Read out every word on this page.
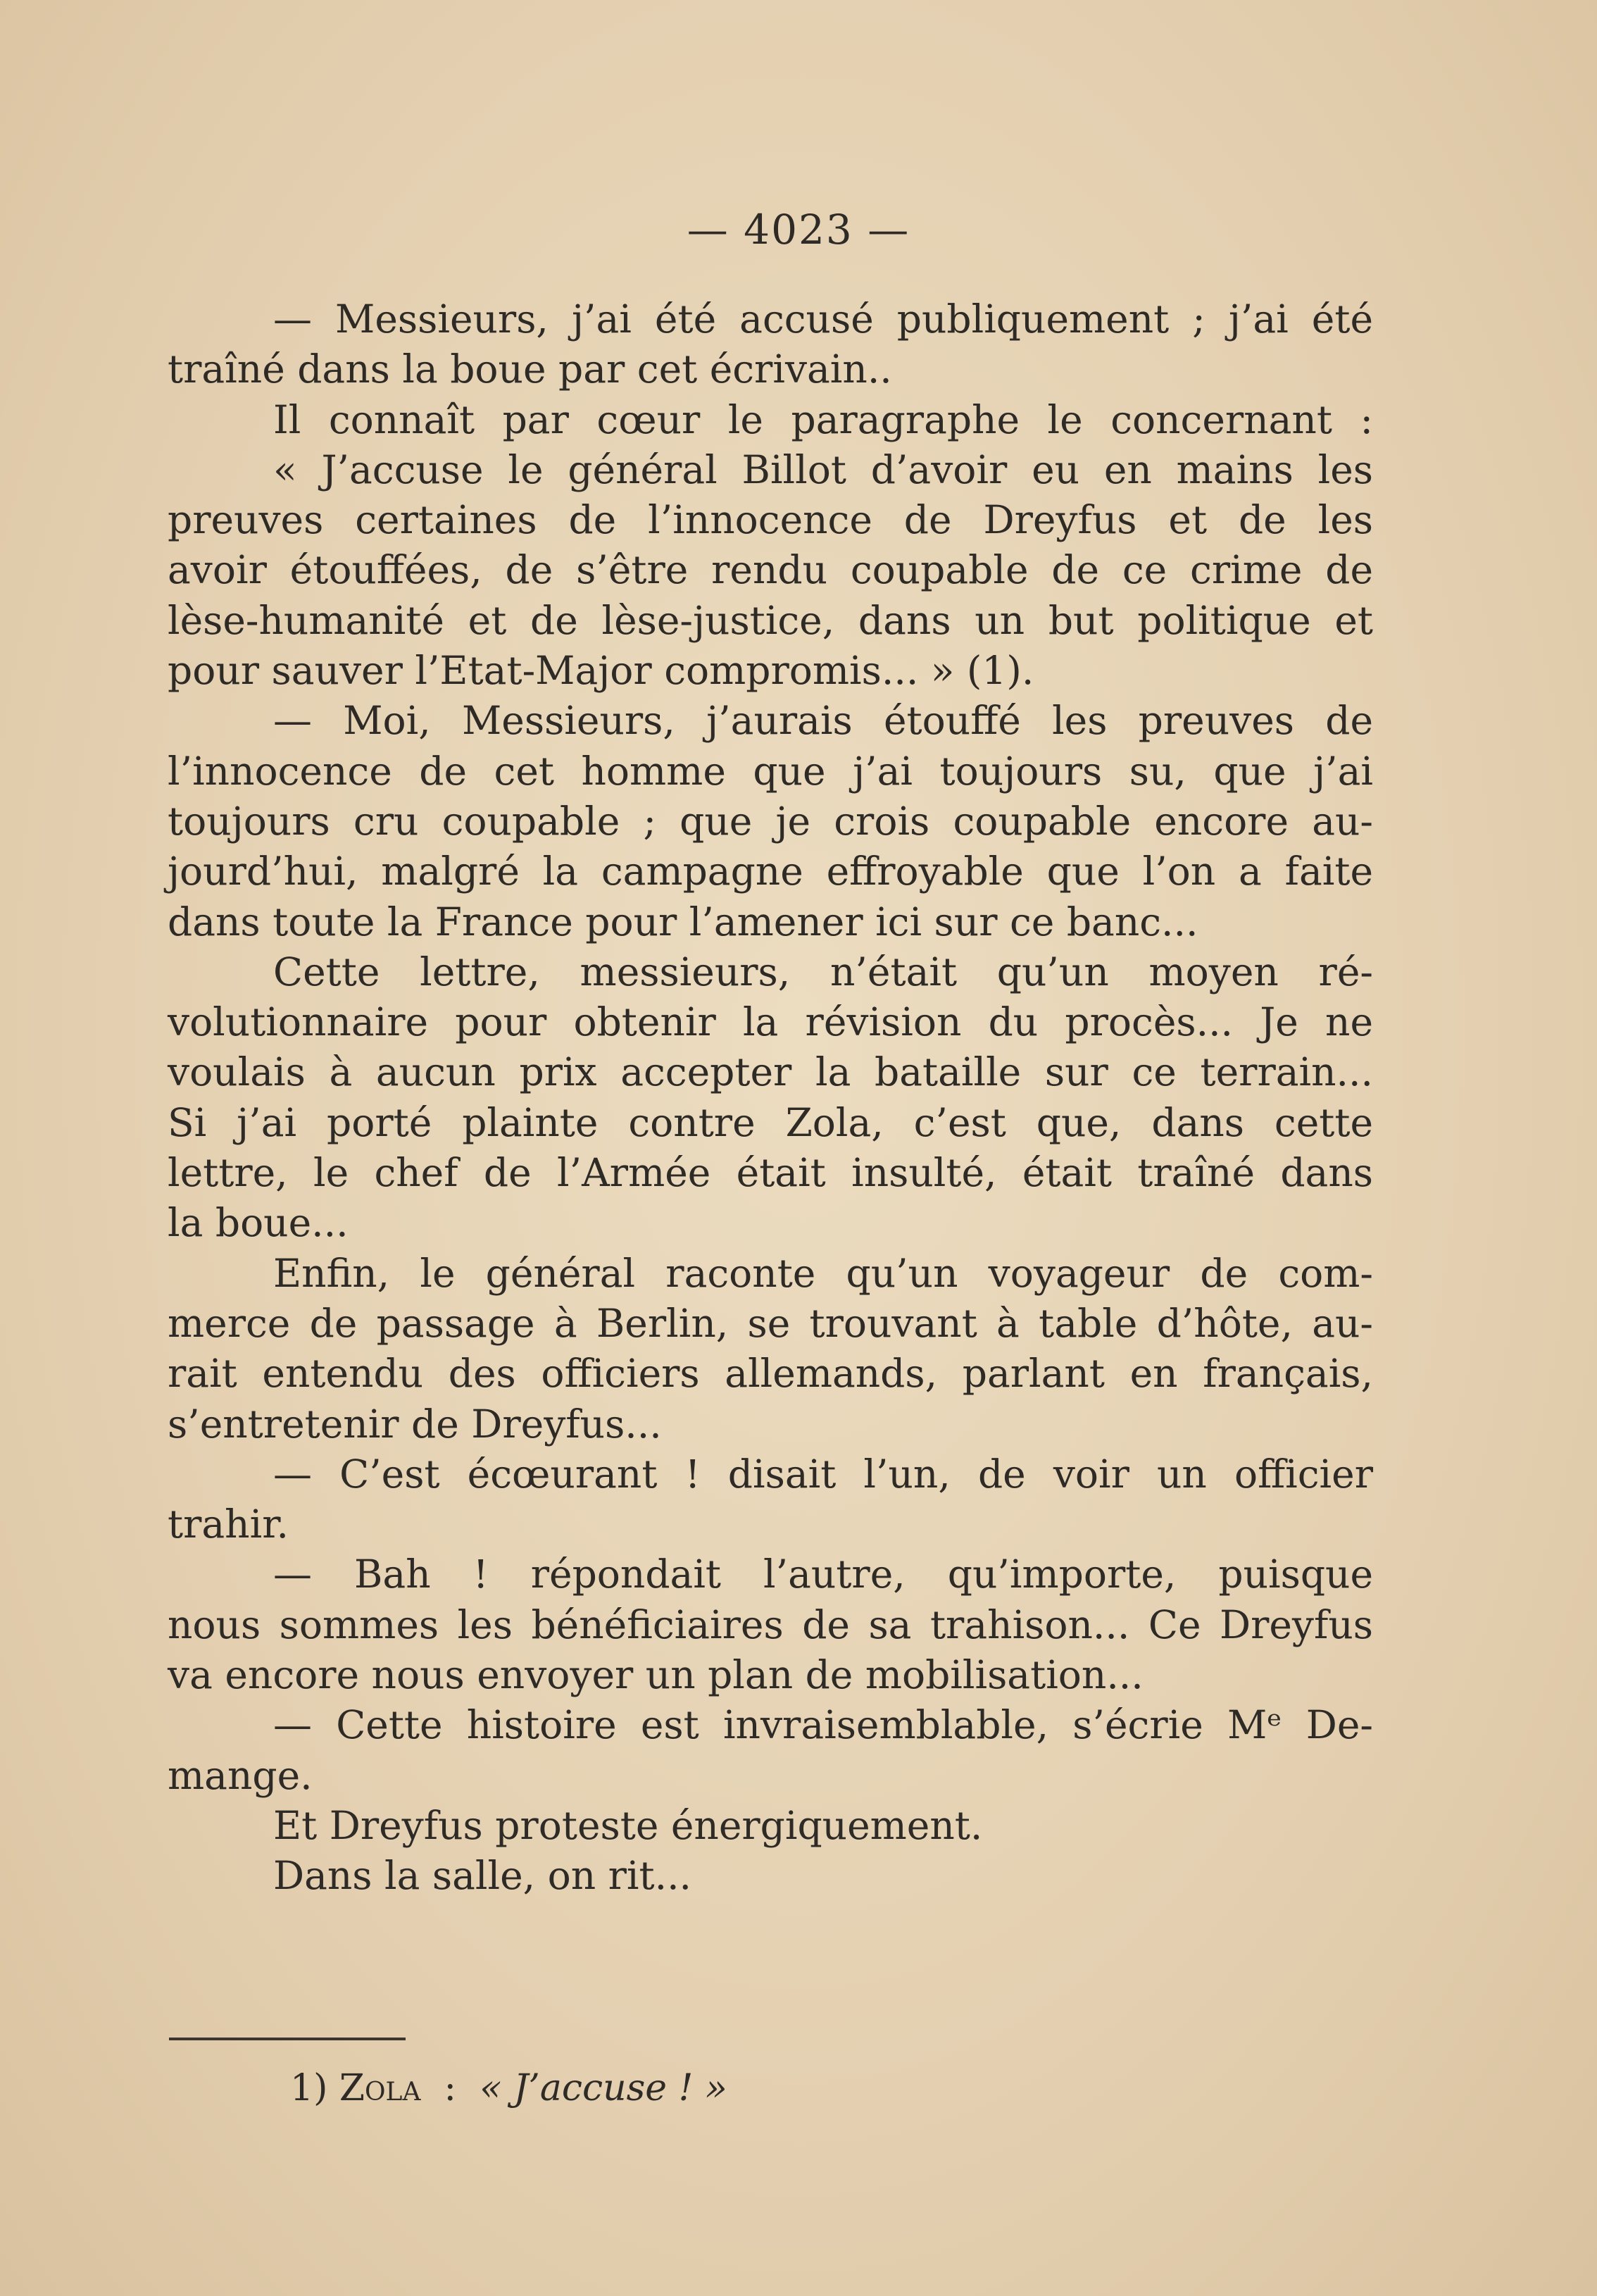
— 4023 —
— Messieurs, j’ai été accusé publiquement ; j’ai été
traîné dans la boue par cet écrivain..
Il connaît par cœur le paragraphe le concernant :
« J’accuse le général Billot d’avoir eu en mains les
preuves certaines de l’innocence de Dreyfus et de les
avoir étouffées, de s’être rendu coupable de ce crime de
lèse-humanité et de lèse-justice, dans un but politique et
pour sauver l’Etat-Major compromis... » (1).
— Moi, Messieurs, j’aurais étouffé les preuves de
l’innocence de cet homme que j’ai toujours su, que j’ai
toujours cru coupable ; que je crois coupable encore au-
jourd’hui, malgré la campagne effroyable que l’on a faite
dans toute la France pour l’amener ici sur ce banc...
Cette lettre, messieurs, n’était qu’un moyen ré-
volutionnaire pour obtenir la révision du procès... Je ne
voulais à aucun prix accepter la bataille sur ce terrain...
Si j’ai porté plainte contre Zola, c’est que, dans cette
lettre, le chef de l’Armée était insulté, était traîné dans
la boue...
Enfin, le général raconte qu’un voyageur de com-
merce de passage à Berlin, se trouvant à table d’hôte, au-
rait entendu des officiers allemands, parlant en français,
s’entretenir de Dreyfus...
— C’est écœurant ! disait l’un, de voir un officier
trahir.
— Bah ! répondait l’autre, qu’importe, puisque
nous sommes les bénéficiaires de sa trahison... Ce Dreyfus
va encore nous envoyer un plan de mobilisation...
— Cette histoire est invraisemblable, s’écrie Mᵉ De-
mange.
Et Dreyfus proteste énergiquement.
Dans la salle, on rit...
1) Zola  :  « J’accuse ! »
